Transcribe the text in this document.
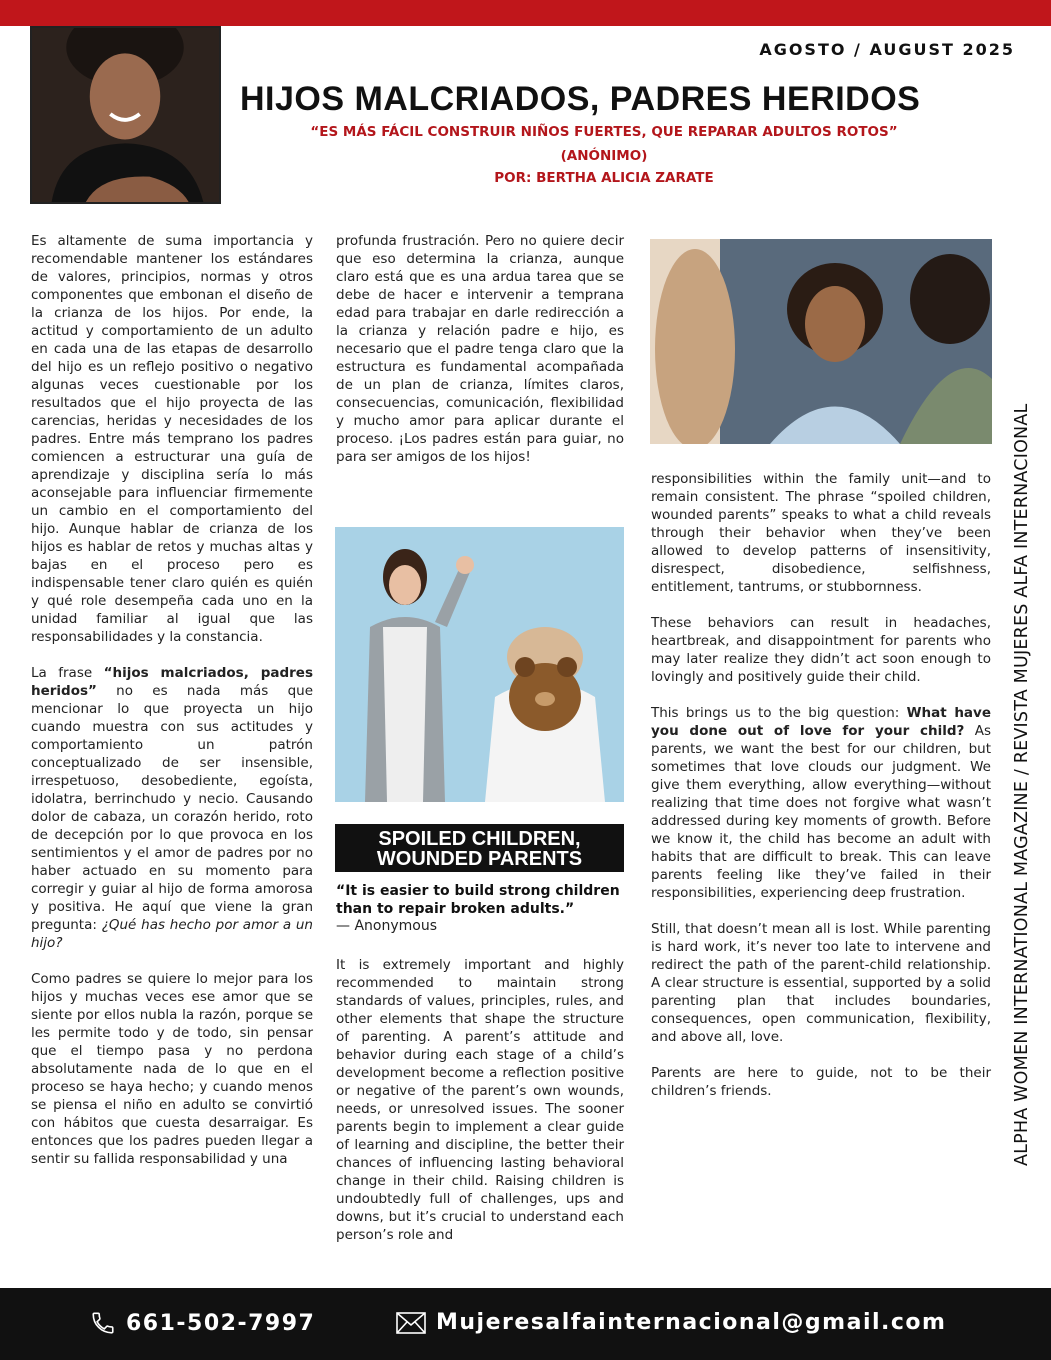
AGOSTO / AUGUST 2025
HIJOS MALCRIADOS, PADRES HERIDOS
“ES MÁS FÁCIL CONSTRUIR NIÑOS FUERTES, QUE REPARAR ADULTOS ROTOS”
(ANÓNIMO)
POR: BERTHA ALICIA ZARATE

Es altamente de suma importancia y recomendable mantener los estándares de valores, principios, normas y otros componentes que embonan el diseño de la crianza de los hijos. Por ende, la actitud y comportamiento de un adulto en cada una de las etapas de desarrollo del hijo es un reflejo positivo o negativo algunas veces cuestionable por los resultados que el hijo proyecta de las carencias, heridas y necesidades de los padres. Entre más temprano los padres comiencen a estructurar una guía de aprendizaje y disciplina sería lo más aconsejable para influenciar firmemente un cambio en el comportamiento del hijo. Aunque hablar de crianza de los hijos es hablar de retos y muchas altas y bajas en el proceso pero es indispensable tener claro quién es quién y qué role desempeña cada uno en la unidad familiar al igual que las responsabilidades y la constancia.

La frase “hijos malcriados, padres heridos” no es nada más que mencionar lo que proyecta un hijo cuando muestra con sus actitudes y comportamiento un patrón conceptualizado de ser insensible, irrespetuoso, desobediente, egoísta, idolatra, berrinchudo y necio. Causando dolor de cabaza, un corazón herido, roto de decepción por lo que provoca en los sentimientos y el amor de padres por no haber actuado en su momento para corregir y guiar al hijo de forma amorosa y positiva. He aquí que viene la gran pregunta: ¿Qué has hecho por amor a un hijo?

Como padres se quiere lo mejor para los hijos y muchas veces ese amor que se siente por ellos nubla la razón, porque se les permite todo y de todo, sin pensar que el tiempo pasa y no perdona absolutamente nada de lo que en el proceso se haya hecho; y cuando menos se piensa el niño en adulto se convirtió con hábitos que cuesta desarraigar. Es entonces que los padres pueden llegar a sentir su fallida responsabilidad y una

profunda frustración. Pero no quiere decir que eso determina la crianza, aunque claro está que es una ardua tarea que se debe de hacer e intervenir a temprana edad para trabajar en darle redirección a la crianza y relación padre e hijo, es necesario que el padre tenga claro que la estructura es fundamental acompañada de un plan de crianza, límites claros, consecuencias, comunicación, flexibilidad y mucho amor para aplicar durante el proceso. ¡Los padres están para guiar, no para ser amigos de los hijos!

SPOILED CHILDREN, WOUNDED PARENTS
“It is easier to build strong children than to repair broken adults.”
— Anonymous

It is extremely important and highly recommended to maintain strong standards of values, principles, rules, and other elements that shape the structure of parenting. A parent’s attitude and behavior during each stage of a child’s development become a reflection positive or negative of the parent’s own wounds, needs, or unresolved issues. The sooner parents begin to implement a clear guide of learning and discipline, the better their chances of influencing lasting behavioral change in their child. Raising children is undoubtedly full of challenges, ups and downs, but it’s crucial to understand each person’s role and

responsibilities within the family unit—and to remain consistent. The phrase “spoiled children, wounded parents” speaks to what a child reveals through their behavior when they’ve been allowed to develop patterns of insensitivity, disrespect, disobedience, selfishness, entitlement, tantrums, or stubbornness.

These behaviors can result in headaches, heartbreak, and disappointment for parents who may later realize they didn’t act soon enough to lovingly and positively guide their child.

This brings us to the big question: What have you done out of love for your child? As parents, we want the best for our children, but sometimes that love clouds our judgment. We give them everything, allow everything—without realizing that time does not forgive what wasn’t addressed during key moments of growth. Before we know it, the child has become an adult with habits that are difficult to break. This can leave parents feeling like they’ve failed in their responsibilities, experiencing deep frustration.

Still, that doesn’t mean all is lost. While parenting is hard work, it’s never too late to intervene and redirect the path of the parent-child relationship. A clear structure is essential, supported by a solid parenting plan that includes boundaries, consequences, open communication, flexibility, and above all, love.

Parents are here to guide, not to be their children’s friends.	ALPHA WOMEN INTERNATIONAL MAGAZINE / REVISTA MUJERES ALFA INTERNACIONAL
661-502-7997	Mujeresalfainternacional@gmail.com
